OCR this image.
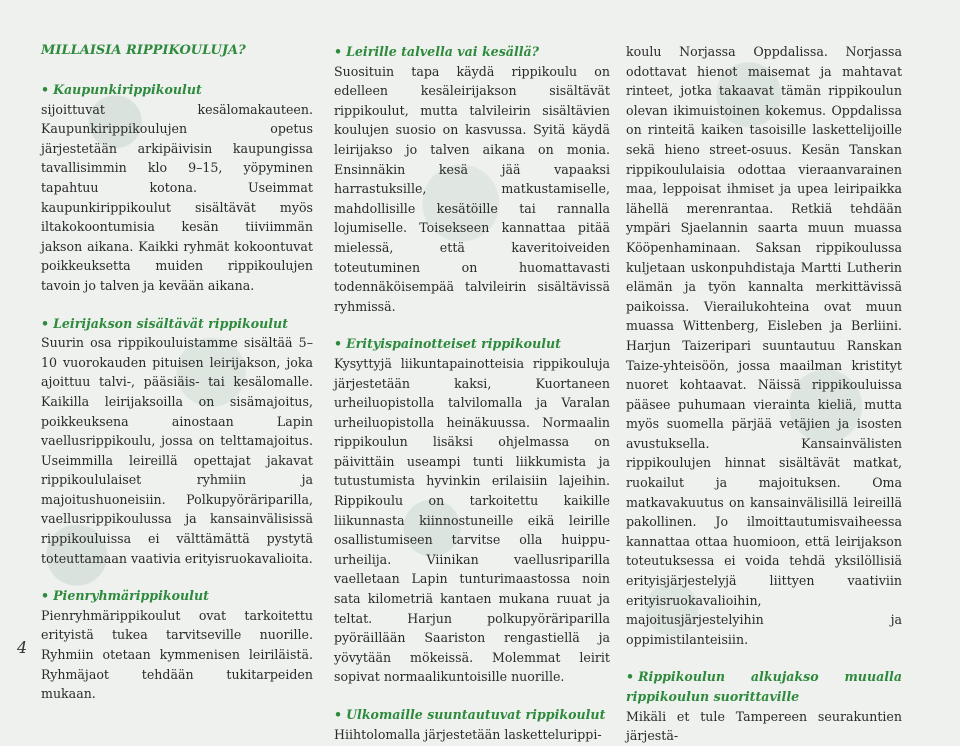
MILLAISIA RIPPIKOULUJA?
• Kaupunkirippikoulut

sijoittuvat kesälomakauteen. Kaupunkirippikoulujen opetus järjestetään arkipäivisin kaupungissa tavallisimmin klo 9–15, yöpyminen tapahtuu kotona. Useimmat kaupunkirippikoulut sisältävät myös iltakokoontumisia kesän tiiviimmän jakson aikana. Kaikki ryhmät kokoontuvat poikkeuksetta muiden rippikoulujen tavoin jo talven ja kevään aikana.

• Leirijakson sisältävät rippikoulut

Suurin osa rippikouluistamme sisältää 5–10 vuorokauden pituisen leirijakson, joka ajoittuu talvi-, pääsiäis- tai kesälomalle. Kaikilla leirijaksoilla on sisämajoitus, poikkeuksena ainostaan Lapin vaellusrippikoulu, jossa on telttamajoitus. Useimmilla leireillä opettajat jakavat rippikoululaiset ryhmiin ja majoitushuoneisiin. Polkupyöräriparilla, vaellusrippikoulussa ja kansainvälisissä rippikouluissa ei välttämättä pystytä toteuttamaan vaativia erityisruokavalioita.

• Pienryhmärippikoulut

Pienryhmärippikoulut ovat tarkoitettu erityistä tukea tarvitseville nuorille. Ryhmiin otetaan kymmenisen leiriläistä. Ryhmäjaot tehdään tukitarpeiden mukaan.

• Leirille talvella vai kesällä?

Suosituin tapa käydä rippikoulu on edelleen kesäleirijakson sisältävät rippikoulut, mutta talvileirin sisältävien koulujen suosio on kasvussa. Syitä käydä leirijakso jo talven aikana on monia. Ensinnäkin kesä jää vapaaksi harrastuksille, matkustamiselle, mahdollisille kesätöille tai rannalla lojumiselle. Toisekseen kannattaa pitää mielessä, että kaveritoiveiden toteutuminen on huomattavasti todennäköisempää talvileirin sisältävissä ryhmissä.

• Erityispainotteiset rippikoulut

Kysyttyjä liikuntapainotteisia rippikouluja järjestetään kaksi, Kuortaneen urheiluopistolla talvilomalla ja Varalan urheiluopistolla heinäkuussa. Normaalin rippikoulun lisäksi ohjelmassa on päivittäin useampi tunti liikkumista ja tutustumista hyvinkin erilaisiin lajeihin. Rippikoulu on tarkoitettu kaikille liikunnasta kiinnostuneille eikä leirille osallistumiseen tarvitse olla huippu-urheilija. Viinikan vaellusriparilla vaelletaan Lapin tunturimaastossa noin sata kilometriä kantaen mukana ruuat ja teltat. Harjun polkupyöräriparilla pyöräillään Saariston rengastiellä ja yövytään mökeissä. Molemmat leirit sopivat normaalikuntoisille nuorille.

• Ulkomaille suuntautuvat rippikoulut

Hiihtolomalla järjestetään laskettelurippi-

koulu Norjassa Oppdalissa. Norjassa odottavat hienot maisemat ja mahtavat rinteet, jotka takaavat tämän rippikoulun olevan ikimuistoinen kokemus. Oppdalissa on rinteitä kaiken tasoisille laskettelijoille sekä hieno street-osuus. Kesän Tanskan rippikoululaisia odottaa vieraanvarainen maa, leppoisat ihmiset ja upea leiripaikka lähellä merenrantaa. Retkiä tehdään ympäri Sjaelannin saarta muun muassa Kööpenhaminaan. Saksan rippikoulussa kuljetaan uskonpuhdistaja Martti Lutherin elämän ja työn kannalta merkittävissä paikoissa. Vierailukohteina ovat muun muassa Wittenberg, Eisleben ja Berliini. Harjun Taizeripari suuntautuu Ranskan Taize-yhteisöön, jossa maailman kristityt nuoret kohtaavat. Näissä rippikouluissa pääsee puhumaan vierainta kieliä, mutta myös suomella pärjää vetäjien ja isosten avustuksella. Kansainvälisten rippikoulujen hinnat sisältävät matkat, ruokailut ja majoituksen. Oma matkavakuutus on kansainvälisillä leireillä pakollinen. Jo ilmoittautumisvaiheessa kannattaa ottaa huomioon, että leirijakson toteutuksessa ei voida tehdä yksilöllisiä erityisjärjestelyjä liittyen vaativiin erityisruokavalioihin, majoitusjärjestelyihin ja oppimistilanteisiin.

• Rippikoulun alkujakso muualla rippikoulun suorittaville

Mikäli et tule Tampereen seurakuntien järjestä-

4
